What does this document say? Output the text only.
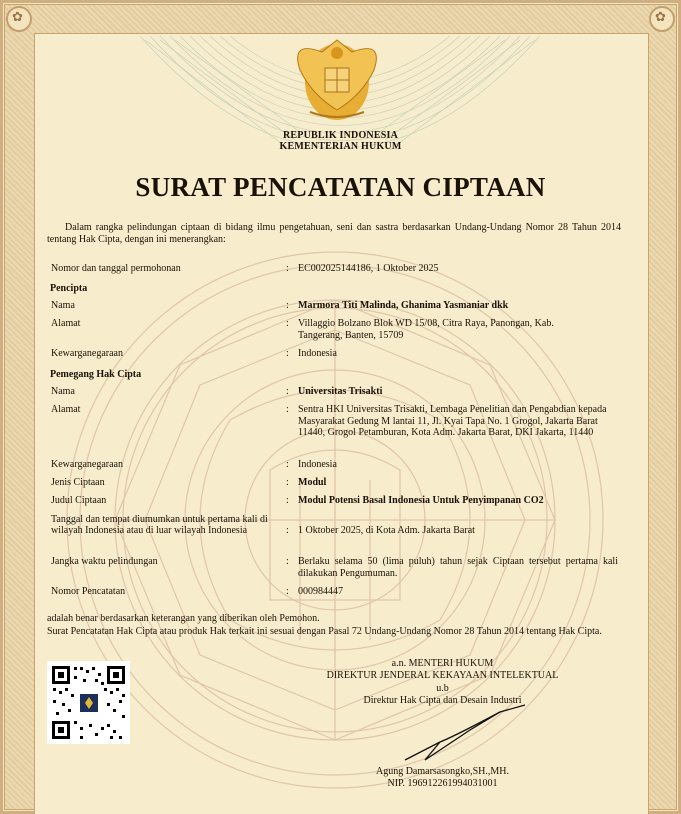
✿	✿
REPUBLIK INDONESIA
KEMENTERIAN HUKUM
SURAT PENCATATAN CIPTAAN
Dalam rangka pelindungan ciptaan di bidang ilmu pengetahuan, seni dan sastra berdasarkan Undang-Undang Nomor 28 Tahun 2014 tentang Hak Cipta, dengan ini menerangkan:
Nomor dan tanggal permohonan	: EC002025144186, 1 Oktober 2025
Pencipta
Nama	: Marmora Titi Malinda, Ghanima Yasmaniar dkk
Alamat	: Villaggio Bolzano Blok WD 15/08, Citra Raya, Panongan, Kab. Tangerang, Banten, 15709
Kewarganegaraan	: Indonesia
Pemegang Hak Cipta
Nama	: Universitas Trisakti
Alamat	: Sentra HKI Universitas Trisakti, Lembaga Penelitian dan Pengabdian kepada Masyarakat Gedung M lantai 11, Jl. Kyai Tapa No. 1 Grogol, Jakarta Barat 11440, Grogol Petamburan, Kota Adm. Jakarta Barat, DKI Jakarta, 11440
Kewarganegaraan	: Indonesia
Jenis Ciptaan	: Modul
Judul Ciptaan	: Modul Potensi Basal Indonesia Untuk Penyimpanan CO2
Tanggal dan tempat diumumkan untuk pertama kali di wilayah Indonesia atau di luar wilayah Indonesia	: 1 Oktober 2025, di Kota Adm. Jakarta Barat
Jangka waktu pelindungan	: Berlaku selama 50 (lima puluh) tahun sejak Ciptaan tersebut pertama kali dilakukan Pengumuman.
Nomor Pencatatan	: 000984447
adalah benar berdasarkan keterangan yang diberikan oleh Pemohon.
Surat Pencatatan Hak Cipta atau produk Hak terkait ini sesuai dengan Pasal 72 Undang-Undang Nomor 28 Tahun 2014 tentang Hak Cipta.
a.n. MENTERI HUKUM
DIREKTUR JENDERAL KEKAYAAN INTELEKTUAL
u.b
Direktur Hak Cipta dan Desain Industri
Agung Damarsasongko,SH.,MH.
NIP. 196912261994031001
